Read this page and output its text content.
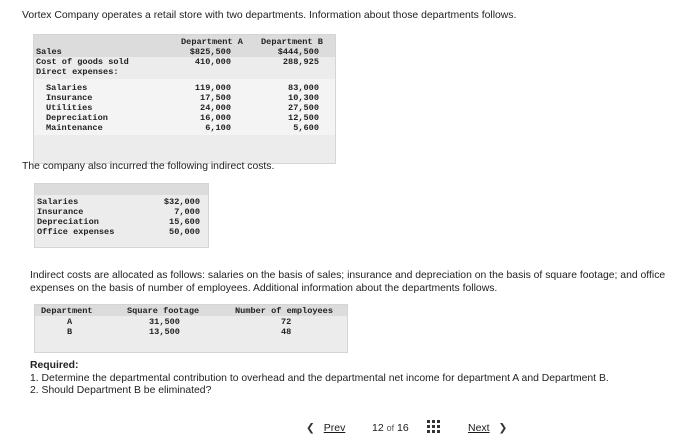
Vortex Company operates a retail store with two departments. Information about those departments follows.
Department A Department B
Sales	$825,500	$444,500
Cost of goods sold	410,000	288,925
Direct expenses:
Salaries	119,000	83,000
Insurance	17,500	10,300
Utilities	24,000	27,500
Depreciation	16,000	12,500
Maintenance	6,100	5,600
The company also incurred the following indirect costs.
Salaries	$32,000
Insurance	7,000
Depreciation	15,600
Office expenses	50,000
Indirect costs are allocated as follows: salaries on the basis of sales; insurance and depreciation on the basis of square footage; and office expenses on the basis of number of employees. Additional information about the departments follows.
Department	Square footage	Number of employees
A	31,500	72
B	13,500	48
Required:
1. Determine the departmental contribution to overhead and the departmental net income for department A and Department B.
2. Should Department B be eliminated?
❮ Prev	12 of 16	Next ❯
